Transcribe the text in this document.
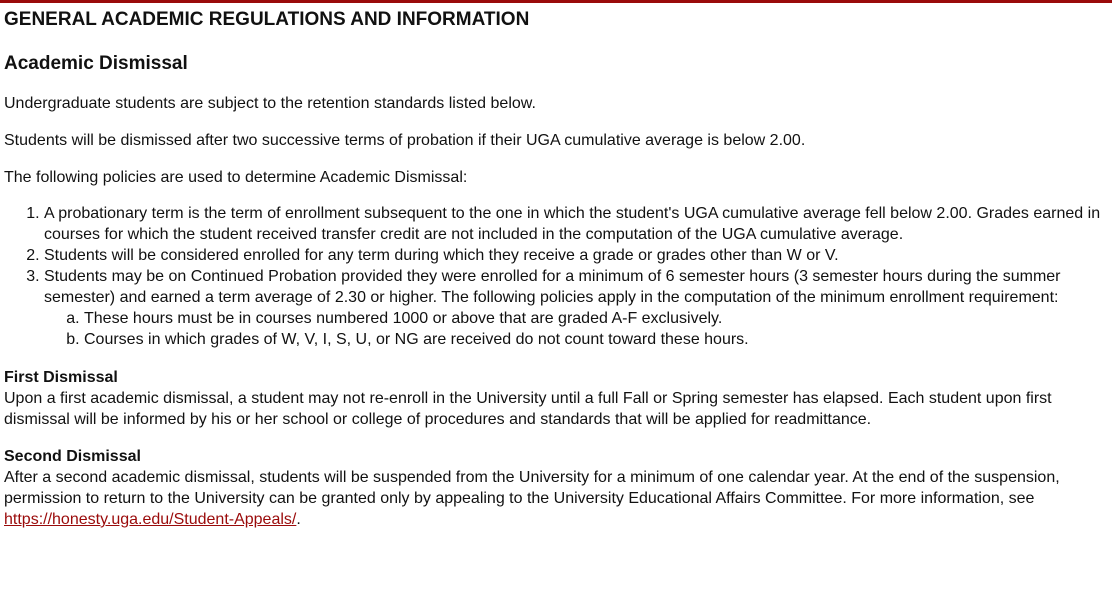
GENERAL ACADEMIC REGULATIONS AND INFORMATION
Academic Dismissal

Undergraduate students are subject to the retention standards listed below.

Students will be dismissed after two successive terms of probation if their UGA cumulative average is below 2.00.

The following policies are used to determine Academic Dismissal:

1. A probationary term is the term of enrollment subsequent to the one in which the student's UGA cumulative average fell below 2.00. Grades earned in courses for which the student received transfer credit are not included in the computation of the UGA cumulative average.
2. Students will be considered enrolled for any term during which they receive a grade or grades other than W or V.
3. Students may be on Continued Probation provided they were enrolled for a minimum of 6 semester hours (3 semester hours during the summer semester) and earned a term average of 2.30 or higher. The following policies apply in the computation of the minimum enrollment requirement:
a. These hours must be in courses numbered 1000 or above that are graded A-F exclusively.
b. Courses in which grades of W, V, I, S, U, or NG are received do not count toward these hours.
First Dismissal

Upon a first academic dismissal, a student may not re-enroll in the University until a full Fall or Spring semester has elapsed. Each student upon first dismissal will be informed by his or her school or college of procedures and standards that will be applied for readmittance.

Second Dismissal

After a second academic dismissal, students will be suspended from the University for a minimum of one calendar year. At the end of the suspension, permission to return to the University can be granted only by appealing to the University Educational Affairs Committee. For more information, see https://honesty.uga.edu/Student-Appeals/.
